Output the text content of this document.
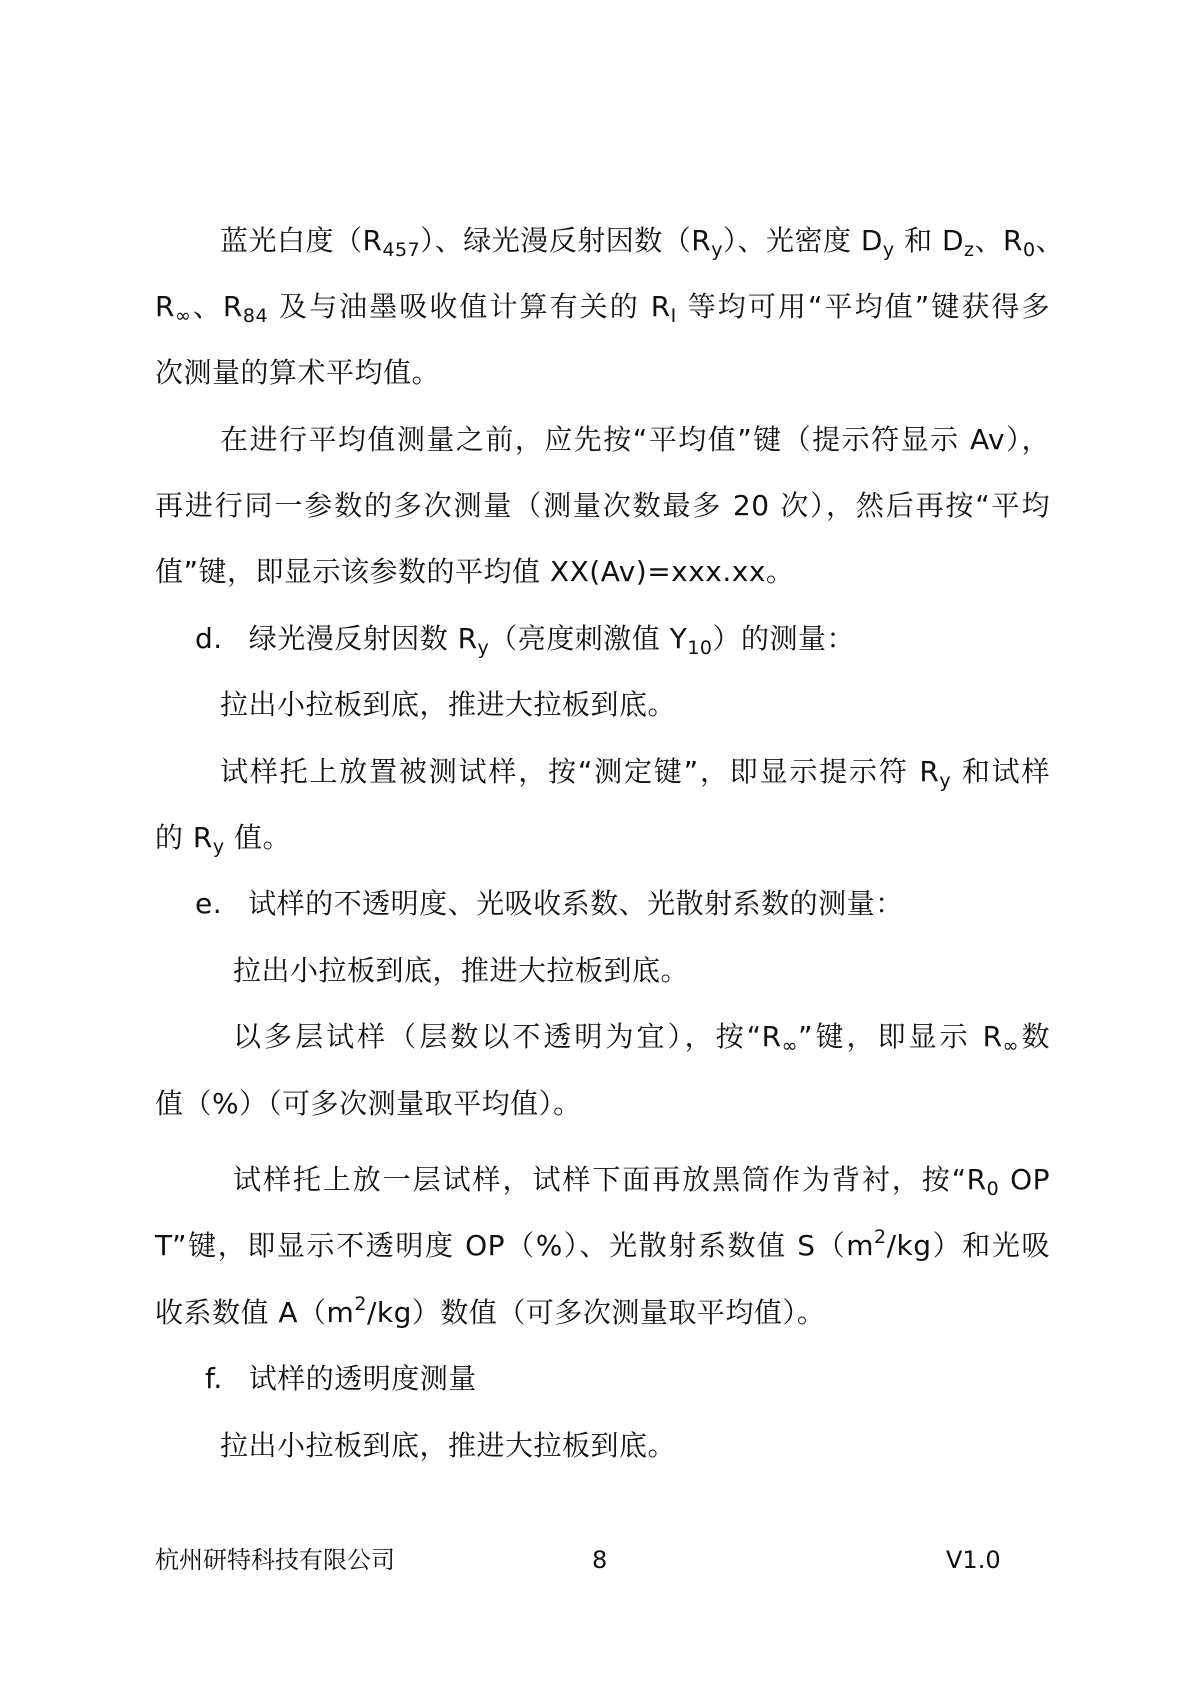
蓝光白度$(R_{457})$、绿光漫反射因数$(R_y)$、光密度 $D_y$ 和 $D_z$、$R_0$、
$R_\infty$、$R_{84}$ 及与油墨吸收值计算有关的 $R_I$ 等均可用“平均值”键获得多
次测量的算术平均值。
在进行平均值测量之前，应先按“平均值”键（提示符显示 Av），
再进行同一参数的多次测量（测量次数最多 20 次），然后再按“平均
值”键，即显示该参数的平均值 XX(Av)=xxx.xx。
d. 绿光漫反射因数 $R_y$（亮度刺激值 $Y_{10}$）的测量：
拉出小拉板到底，推进大拉板到底。
试样托上放置被测试样，按“测定键”，即显示提示符 $R_y$ 和试样
的 $R_y$ 值。
e. 试样的不透明度、光吸收系数、光散射系数的测量：
拉出小拉板到底，推进大拉板到底。
以多层试样（层数以不透明为宜），按“$R_\infty$”键，即显示 $R_\infty$数
值（%）（可多次测量取平均值）。
试样托上放一层试样，试样下面再放黑筒作为背衬，按“$R_0$ OP
T”键，即显示不透明度 OP（%）、光散射系数值 $S(m^2/kg)$和光吸
收系数值 $A(m^2/kg)$数值（可多次测量取平均值）。
f. 试样的透明度测量
拉出小拉板到底，推进大拉板到底。
杭州研特科技有限公司	8	V1.0
